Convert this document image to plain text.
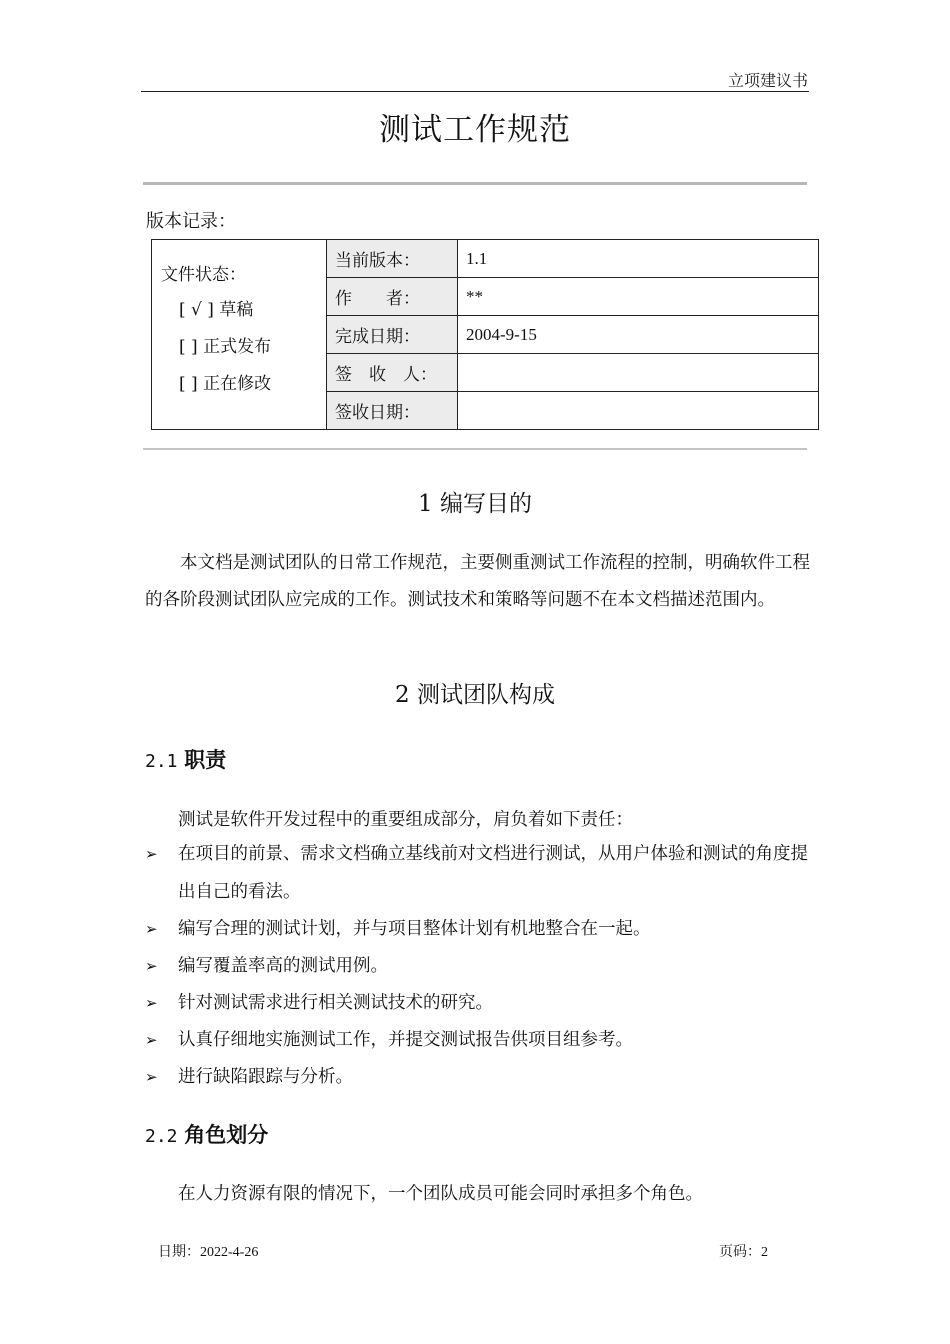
立项建议书
测试工作规范
版本记录：
文件状态：
[ √ ] 草稿
[ ] 正式发布
[ ] 正在修改	当前版本：	1.1
	作　　者：	**
	完成日期：	2004-9-15
	签　收　人：	
	签收日期：	
1 编写目的
本文档是测试团队的日常工作规范，主要侧重测试工作流程的控制，明确软件工程的各阶段测试团队应完成的工作。测试技术和策略等问题不在本文档描述范围内。
2 测试团队构成
2.1 职责
测试是软件开发过程中的重要组成部分，肩负着如下责任：
➢ 在项目的前景、需求文档确立基线前对文档进行测试，从用户体验和测试的角度提出自己的看法。
➢ 编写合理的测试计划，并与项目整体计划有机地整合在一起。
➢ 编写覆盖率高的测试用例。
➢ 针对测试需求进行相关测试技术的研究。
➢ 认真仔细地实施测试工作，并提交测试报告供项目组参考。
➢ 进行缺陷跟踪与分析。
2.2 角色划分
在人力资源有限的情况下，一个团队成员可能会同时承担多个角色。
日期：2022-4-26	页码：2
